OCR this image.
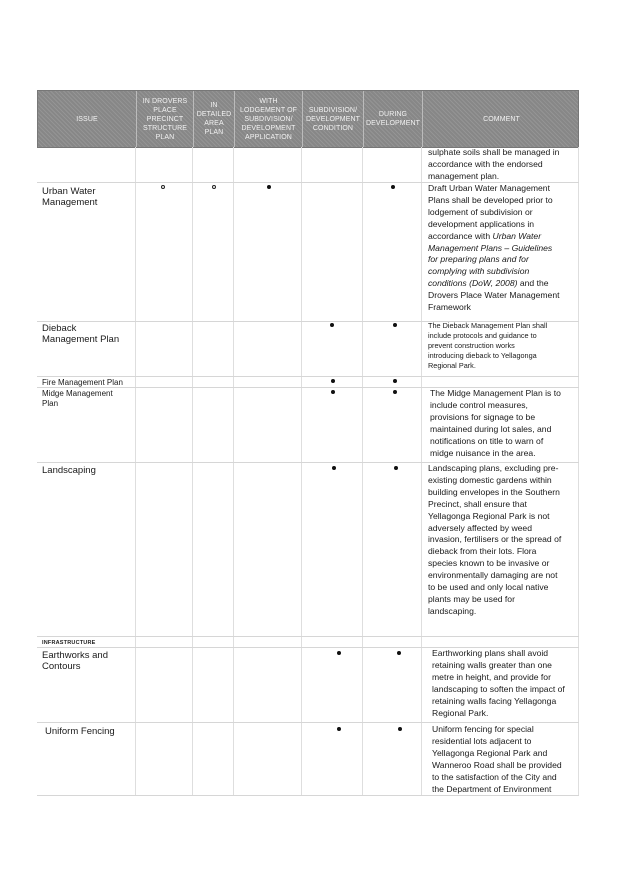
ISSUE
IN DROVERS
PLACE
PRECINCT
STRUCTURE
PLAN
IN
DETAILED
AREA
PLAN
WITH
LODGEMENT OF
SUBDIVISION/
DEVELOPMENT
APPLICATION
SUBDIVISION/
DEVELOPMENT
CONDITION
DURING
DEVELOPMENT
COMMENT
sulphate soils shall be managed in
accordance with the endorsed
management plan.
Urban Water
Management
Draft Urban Water Management
Plans shall be developed prior to
lodgement of subdivision or
development applications in
accordance with Urban Water
Management Plans – Guidelines
for preparing plans and for
complying with subdivision
conditions (DoW, 2008) and the
Drovers Place Water Management
Framework
Dieback
Management Plan
The Dieback Management Plan shall
include protocols and guidance to
prevent construction works
introducing dieback to Yellagonga
Regional Park.
Fire Management Plan
Midge Management
Plan
The Midge Management Plan is to
include control measures,
provisions for signage to be
maintained during lot sales, and
notifications on title to warn of
midge nuisance in the area.
Landscaping	Landscaping plans, excluding pre-
existing domestic gardens within
building envelopes in the Southern
Precinct, shall ensure that
Yellagonga Regional Park is not
adversely affected by weed
invasion, fertilisers or the spread of
dieback from their lots. Flora
species known to be invasive or
environmentally damaging are not
to be used and only local native
plants may be used for
landscaping.
INFRASTRUCTURE
Earthworks and
Contours
Earthworking plans shall avoid
retaining walls greater than one
metre in height, and provide for
landscaping to soften the impact of
retaining walls facing Yellagonga
Regional Park.
Uniform Fencing	Uniform fencing for special
residential lots adjacent to
Yellagonga Regional Park and
Wanneroo Road shall be provided
to the satisfaction of the City and
the Department of Environment
